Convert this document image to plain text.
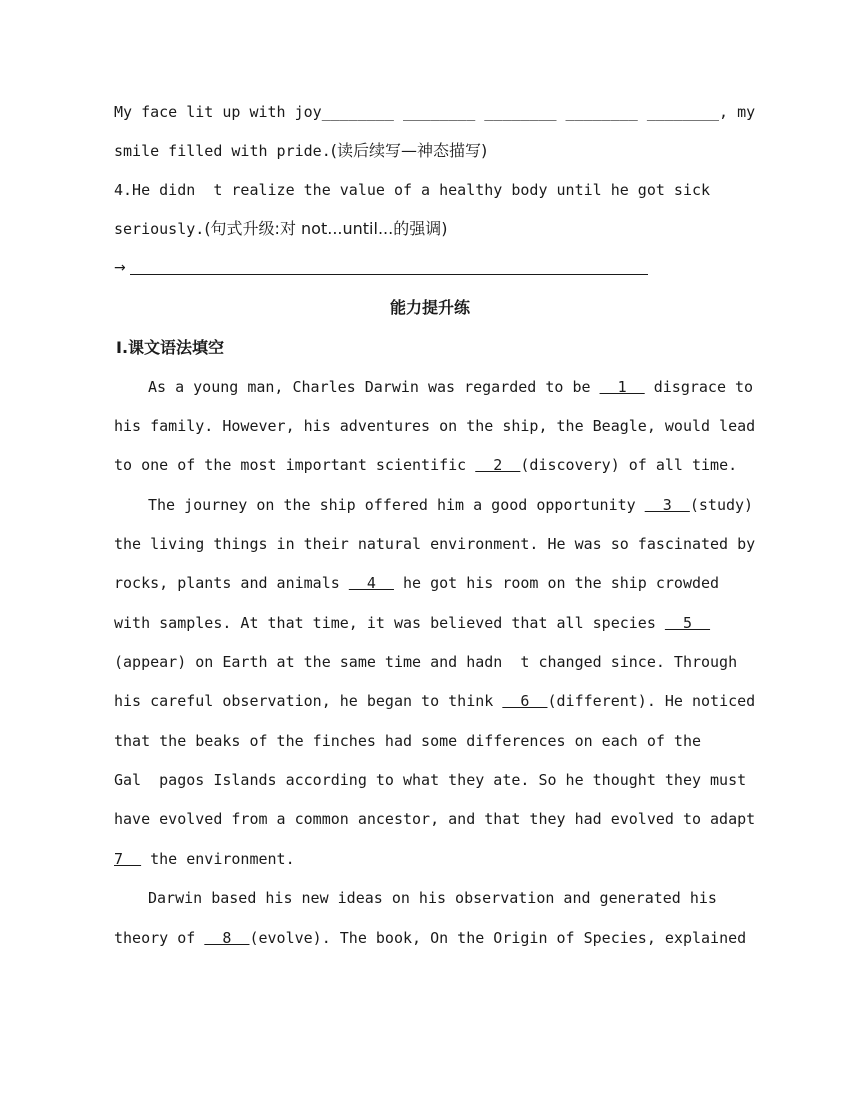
My face lit up with joy________ ________ ________ ________ ________, my
smile filled with pride.(读后续写—神态描写)
4.He didn  t realize the value of a healthy body until he got sick
seriously.(句式升级:对 not...until...的强调)
→
能力提升练
Ⅰ.课文语法填空
As a young man, Charles Darwin was regarded to be   1   disgrace to
his family. However, his adventures on the ship, the Beagle, would lead
to one of the most important scientific   2  (discovery) of all time.
The journey on the ship offered him a good opportunity   3  (study)
the living things in their natural environment. He was so fascinated by
rocks, plants and animals   4   he got his room on the ship crowded
with samples. At that time, it was believed that all species   5
(appear) on Earth at the same time and hadn  t changed since. Through
his careful observation, he began to think   6  (different). He noticed
that the beaks of the finches had some differences on each of the
Gal  pagos Islands according to what they ate. So he thought they must
have evolved from a common ancestor, and that they had evolved to adapt
7   the environment.
Darwin based his new ideas on his observation and generated his
theory of   8  (evolve). The book, On the Origin of Species, explained
